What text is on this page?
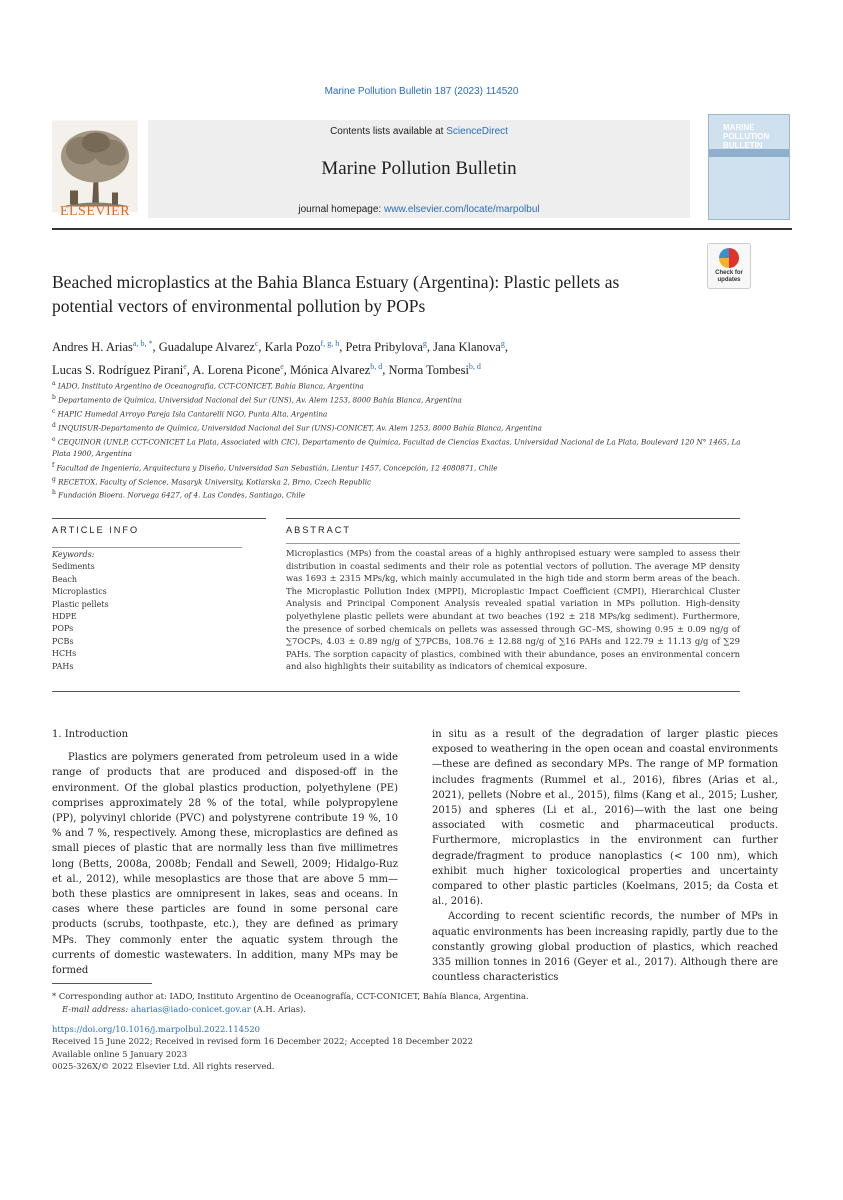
Marine Pollution Bulletin 187 (2023) 114520
ELSEVIER
Contents lists available at ScienceDirect
Marine Pollution Bulletin
journal homepage: www.elsevier.com/locate/marpolbul
MARINE POLLUTION BULLETIN
Beached microplastics at the Bahia Blanca Estuary (Argentina): Plastic pellets as potential vectors of environmental pollution by POPs
Check for updates
Andres H. Arias$^{a, b, *}$, Guadalupe Alvarez$^c$, Karla Pozo$^{f, g, h}$, Petra Pribylova$^g$, Jana Klanova$^g$,
Lucas S. Rodríguez Pirani$^e$, A. Lorena Picone$^e$, Mónica Alvarez$^{b, d}$, Norma Tombesi$^{b, d}$
$^a$ IADO, Instituto Argentino de Oceanografía, CCT-CONICET, Bahía Blanca, Argentina
$^b$ Departamento de Química, Universidad Nacional del Sur (UNS), Av. Alem 1253, 8000 Bahía Blanca, Argentina
$^c$ HAPIC Humedal Arroyo Pareja Isla Cantarelli NGO, Punta Alta, Argentina
$^d$ INQUISUR-Departamento de Química, Universidad Nacional del Sur (UNS)-CONICET, Av. Alem 1253, 8000 Bahía Blanca, Argentina
$^e$ CEQUINOR (UNLP, CCT-CONICET La Plata, Associated with CIC), Departamento de Química, Facultad de Ciencias Exactas, Universidad Nacional de La Plata, Boulevard 120 N° 1465, La Plata 1900, Argentina
$^f$ Facultad de Ingeniería, Arquitectura y Diseño, Universidad San Sebastián, Lientur 1457, Concepción, 12 4080871, Chile
$^g$ RECETOX, Faculty of Science, Masaryk University, Kotlarska 2, Brno, Czech Republic
$^h$ Fundación Bioera. Noruega 6427, of 4. Las Condes, Santiago, Chile
ARTICLE INFO	ABSTRACT
Keywords:
Sediments
Beach
Microplastics
Plastic pellets
HDPE
POPs
PCBs
HCHs
PAHs
Microplastics (MPs) from the coastal areas of a highly anthropised estuary were sampled to assess their distribution in coastal sediments and their role as potential vectors of pollution. The average MP density was 1693 ± 2315 MPs/kg, which mainly accumulated in the high tide and storm berm areas of the beach. The Microplastic Pollution Index (MPPI), Microplastic Impact Coefficient (CMPI), Hierarchical Cluster Analysis and Principal Component Analysis revealed spatial variation in MPs pollution. High-density polyethylene plastic pellets were abundant at two beaches (192 ± 218 MPs/kg sediment). Furthermore, the presence of sorbed chemicals on pellets was assessed through GC–MS, showing 0.95 ± 0.09 ng/g of ∑7OCPs, 4.03 ± 0.89 ng/g of ∑7PCBs, 108.76 ± 12.88 ng/g of ∑16 PAHs and 122.79 ± 11.13 g/g of ∑29 PAHs. The sorption capacity of plastics, combined with their abundance, poses an environmental concern and also highlights their suitability as indicators of chemical exposure.
1. Introduction

Plastics are polymers generated from petroleum used in a wide range of products that are produced and disposed-off in the environment. Of the global plastics production, polyethylene (PE) comprises approximately 28 % of the total, while polypropylene (PP), polyvinyl chloride (PVC) and polystyrene contribute 19 %, 10 % and 7 %, respectively. Among these, microplastics are defined as small pieces of plastic that are normally less than five millimetres long (Betts, 2008a, 2008b; Fendall and Sewell, 2009; Hidalgo-Ruz et al., 2012), while mesoplastics are those that are above 5 mm—both these plastics are omnipresent in lakes, seas and oceans. In cases where these particles are found in some personal care products (scrubs, toothpaste, etc.), they are defined as primary MPs. They commonly enter the aquatic system through the currents of domestic wastewaters. In addition, many MPs may be formed

in situ as a result of the degradation of larger plastic pieces exposed to weathering in the open ocean and coastal environments—these are defined as secondary MPs. The range of MP formation includes fragments (Rummel et al., 2016), fibres (Arias et al., 2021), pellets (Nobre et al., 2015), films (Kang et al., 2015; Lusher, 2015) and spheres (Li et al., 2016)—with the last one being associated with cosmetic and pharmaceutical products. Furthermore, microplastics in the environment can further degrade/fragment to produce nanoplastics (< 100 nm), which exhibit much higher toxicological properties and uncertainty compared to other plastic particles (Koelmans, 2015; da Costa et al., 2016).

According to recent scientific records, the number of MPs in aquatic environments has been increasing rapidly, partly due to the constantly growing global production of plastics, which reached 335 million tonnes in 2016 (Geyer et al., 2017). Although there are countless characteristics

* Corresponding author at: IADO, Instituto Argentino de Oceanografía, CCT-CONICET, Bahía Blanca, Argentina.
E-mail address: aharias@iado-conicet.gov.ar (A.H. Arias).
https://doi.org/10.1016/j.marpolbul.2022.114520
Received 15 June 2022; Received in revised form 16 December 2022; Accepted 18 December 2022
Available online 5 January 2023
0025-326X/© 2022 Elsevier Ltd. All rights reserved.
